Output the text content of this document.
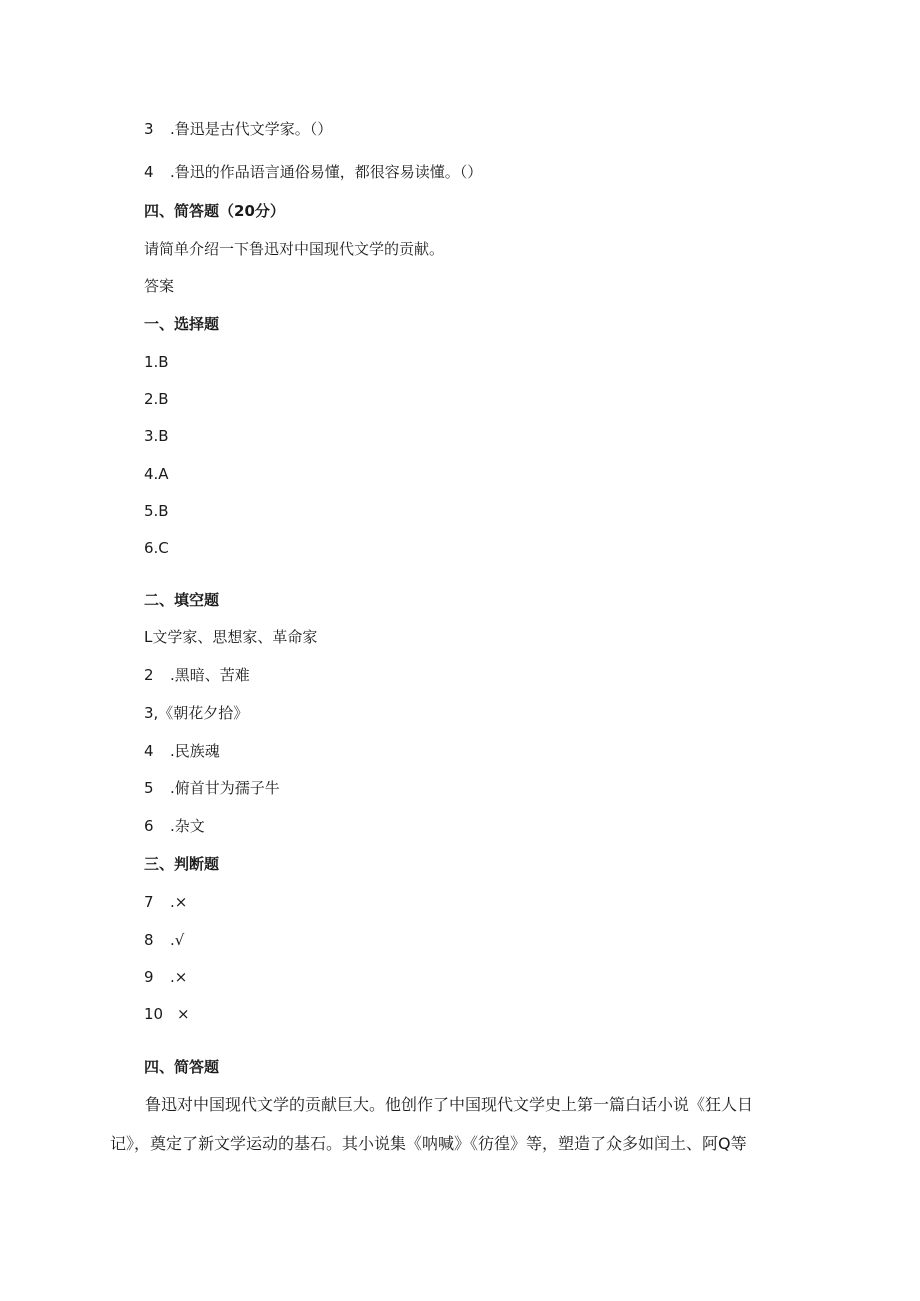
3 .鲁迅是古代文学家。（）
4 .鲁迅的作品语言通俗易懂，都很容易读懂。（）
四、简答题（20分）
请简单介绍一下鲁迅对中国现代文学的贡献。
答案
一、选择题
1.B
2.B
3.B
4.A
5.B
6.C
二、填空题
L文学家、思想家、革命家
2 .黑暗、苦难
3,《朝花夕拾》
4 .民族魂
5 .俯首甘为孺子牛
6 .杂文
三、判断题
7 .×
8 .√
9 .×
10 ×
四、简答题
鲁迅对中国现代文学的贡献巨大。他创作了中国现代文学史上第一篇白话小说《狂人日
记》，奠定了新文学运动的基石。其小说集《呐喊》《彷徨》等，塑造了众多如闰土、阿Q等
